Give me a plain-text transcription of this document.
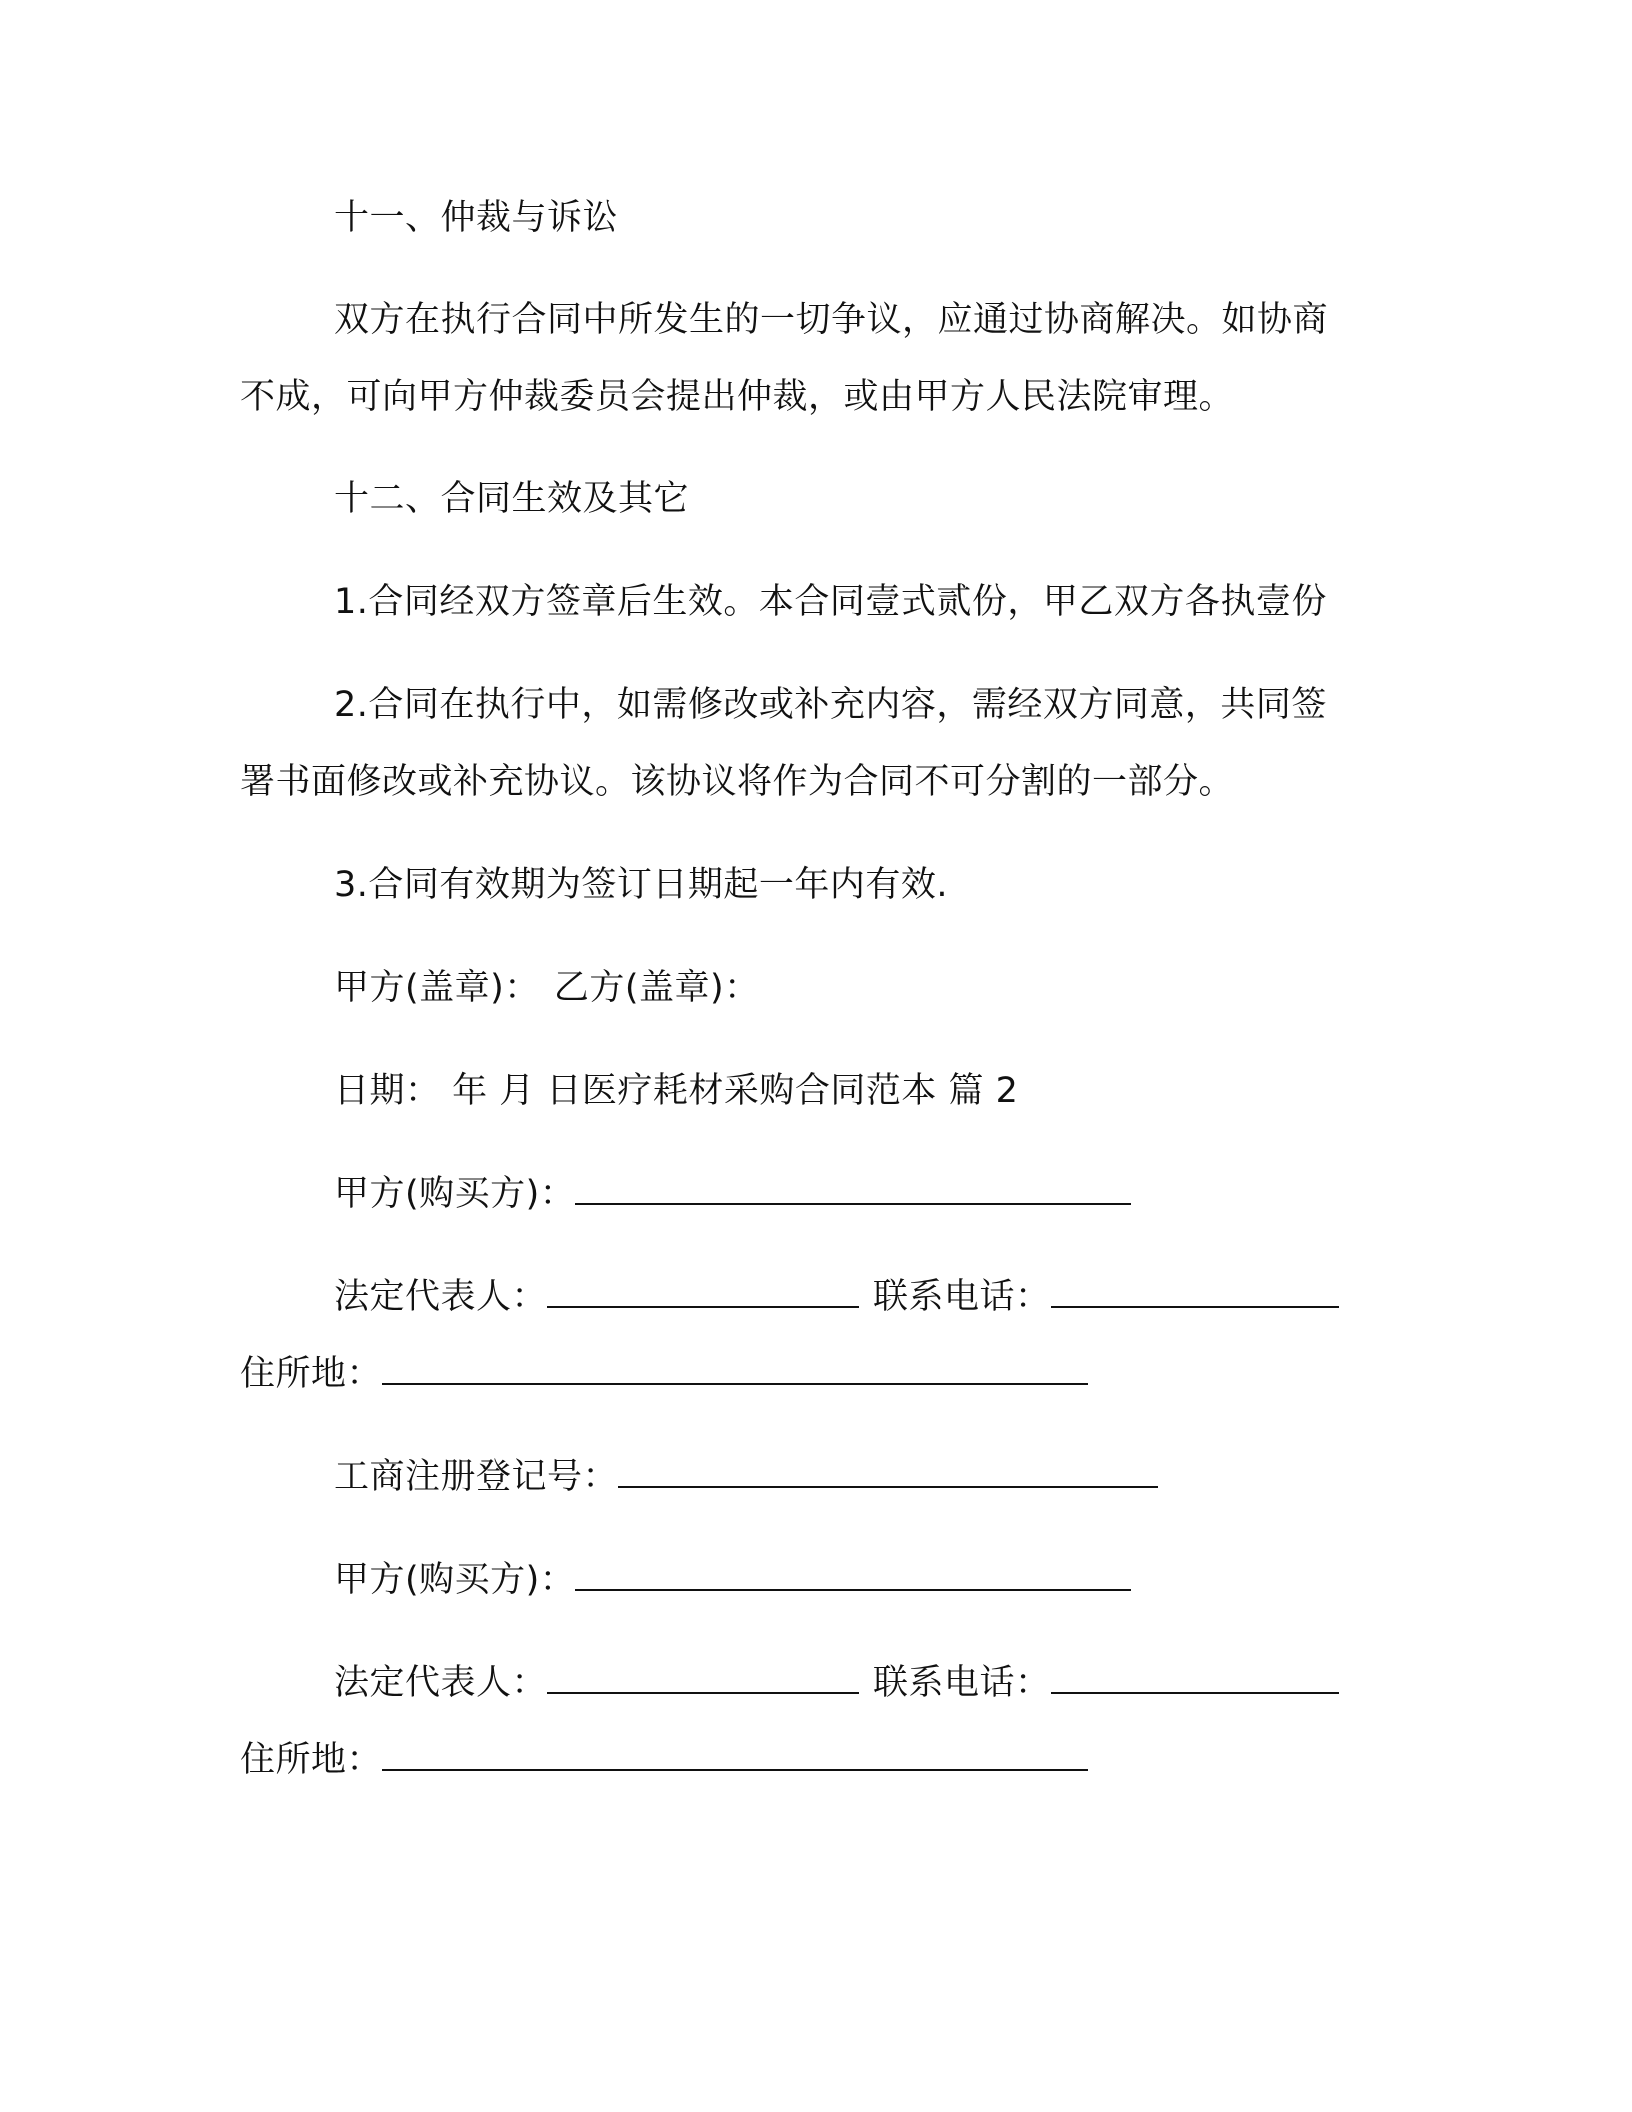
十一、仲裁与诉讼
双方在执行合同中所发生的一切争议，应通过协商解决。如协商
不成，可向甲方仲裁委员会提出仲裁，或由甲方人民法院审理。
十二、合同生效及其它
1.合同经双方签章后生效。本合同壹式贰份，甲乙双方各执壹份
2.合同在执行中，如需修改或补充内容，需经双方同意，共同签
署书面修改或补充协议。该协议将作为合同不可分割的一部分。
3.合同有效期为签订日期起一年内有效.
甲方(盖章)： 乙方(盖章)：
日期： 年 月 日医疗耗材采购合同范本 篇 2
甲方(购买方)：
法定代表人：	联系电话：
住所地：
工商注册登记号：
甲方(购买方)：
法定代表人：	联系电话：
住所地：
